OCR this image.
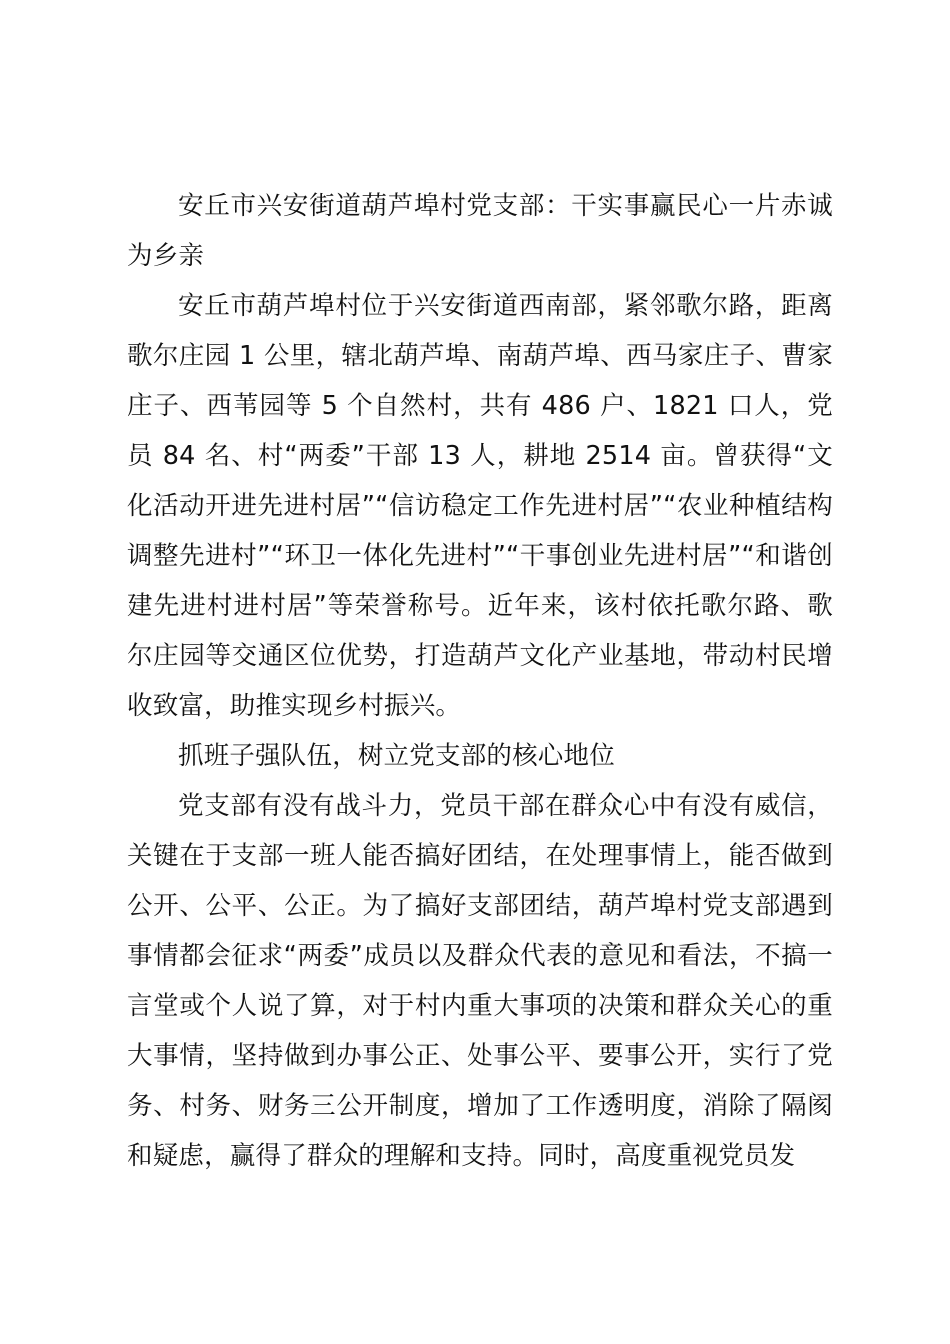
安丘市兴安街道葫芦埠村党支部：干实事赢民心一片赤诚为乡亲

安丘市葫芦埠村位于兴安街道西南部，紧邻歌尔路，距离歌尔庄园 1 公里，辖北葫芦埠、南葫芦埠、西马家庄子、曹家庄子、西苇园等 5 个自然村，共有 486 户、1821 口人，党员 84 名、村“两委”干部 13 人，耕地 2514 亩。曾获得“文化活动开进先进村居”“信访稳定工作先进村居”“农业种植结构调整先进村”“环卫一体化先进村”“干事创业先进村居”“和谐创建先进村进村居”等荣誉称号。近年来，该村依托歌尔路、歌尔庄园等交通区位优势，打造葫芦文化产业基地，带动村民增收致富，助推实现乡村振兴。

抓班子强队伍，树立党支部的核心地位

党支部有没有战斗力，党员干部在群众心中有没有威信，关键在于支部一班人能否搞好团结，在处理事情上，能否做到公开、公平、公正。为了搞好支部团结，葫芦埠村党支部遇到事情都会征求“两委”成员以及群众代表的意见和看法，不搞一言堂或个人说了算，对于村内重大事项的决策和群众关心的重大事情，坚持做到办事公正、处事公平、要事公开，实行了党务、村务、财务三公开制度，增加了工作透明度，消除了隔阂和疑虑，赢得了群众的理解和支持。同时，高度重视党员发
